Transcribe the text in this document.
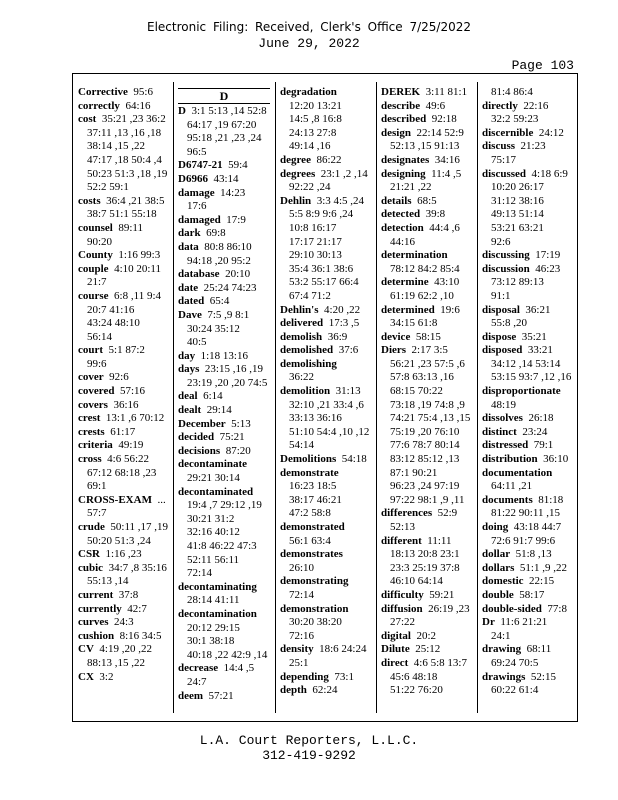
Electronic Filing: Received, Clerk's Office 7/25/2022
June 29, 2022
Page 103
Corrective 95:6
correctly 64:16
cost 35:21 ,23 36:2
37:11 ,13 ,16 ,18
38:14 ,15 ,22
47:17 ,18 50:4 ,4
50:23 51:3 ,18 ,19
52:2 59:1
costs 36:4 ,21 38:5
38:7 51:1 55:18
counsel 89:11
90:20
County 1:16 99:3
couple 4:10 20:11
21:7
course 6:8 ,11 9:4
20:7 41:16
43:24 48:10
56:14
court 5:1 87:2
99:6
cover 92:6
covered 57:16
covers 36:16
crest 13:1 ,6 70:12
crests 61:17
criteria 49:19
cross 4:6 56:22
67:12 68:18 ,23
69:1
CROSS-EXAM ...
57:7
crude 50:11 ,17 ,19
50:20 51:3 ,24
CSR 1:16 ,23
cubic 34:7 ,8 35:16
55:13 ,14
current 37:8
currently 42:7
curves 24:3
cushion 8:16 34:5
CV 4:19 ,20 ,22
88:13 ,15 ,22
CX 3:2
D
D 3:1 5:13 ,14 52:8
64:17 ,19 67:20
95:18 ,21 ,23 ,24
96:5
D6747-21 59:4
D6966 43:14
damage 14:23
17:6
damaged 17:9
dark 69:8
data 80:8 86:10
94:18 ,20 95:2
database 20:10
date 25:24 74:23
dated 65:4
Dave 7:5 ,9 8:1
30:24 35:12
40:5
day 1:18 13:16
days 23:15 ,16 ,19
23:19 ,20 ,20 74:5
deal 6:14
dealt 29:14
December 5:13
decided 75:21
decisions 87:20
decontaminate
29:21 30:14
decontaminated
19:4 ,7 29:12 ,19
30:21 31:2
32:16 40:12
41:8 46:22 47:3
52:11 56:11
72:14
decontaminating
28:14 41:11
decontamination
20:12 29:15
30:1 38:18
40:18 ,22 42:9 ,14
decrease 14:4 ,5
24:7
deem 57:21
degradation
12:20 13:21
14:5 ,8 16:8
24:13 27:8
49:14 ,16
degree 86:22
degrees 23:1 ,2 ,14
92:22 ,24
Dehlin 3:3 4:5 ,24
5:5 8:9 9:6 ,24
10:8 16:17
17:17 21:17
29:10 30:13
35:4 36:1 38:6
53:2 55:17 66:4
67:4 71:2
Dehlin's 4:20 ,22
delivered 17:3 ,5
demolish 36:9
demolished 37:6
demolishing
36:22
demolition 31:13
32:10 ,21 33:4 ,6
33:13 36:16
51:10 54:4 ,10 ,12
54:14
Demolitions 54:18
demonstrate
16:23 18:5
38:17 46:21
47:2 58:8
demonstrated
56:1 63:4
demonstrates
26:10
demonstrating
72:14
demonstration
30:20 38:20
72:16
density 18:6 24:24
25:1
depending 73:1
depth 62:24
DEREK 3:11 81:1
describe 49:6
described 92:18
design 22:14 52:9
52:13 ,15 91:13
designates 34:16
designing 11:4 ,5
21:21 ,22
details 68:5
detected 39:8
detection 44:4 ,6
44:16
determination
78:12 84:2 85:4
determine 43:10
61:19 62:2 ,10
determined 19:6
34:15 61:8
device 58:15
Diers 2:17 3:5
56:21 ,23 57:5 ,6
57:8 63:13 ,16
68:15 70:22
73:18 ,19 74:8 ,9
74:21 75:4 ,13 ,15
75:19 ,20 76:10
77:6 78:7 80:14
83:12 85:12 ,13
87:1 90:21
96:23 ,24 97:19
97:22 98:1 ,9 ,11
differences 52:9
52:13
different 11:11
18:13 20:8 23:1
23:3 25:19 37:8
46:10 64:14
difficulty 59:21
diffusion 26:19 ,23
27:22
digital 20:2
Dilute 25:12
direct 4:6 5:8 13:7
45:6 48:18
51:22 76:20
81:4 86:4
directly 22:16
32:2 59:23
discernible 24:12
discuss 21:23
75:17
discussed 4:18 6:9
10:20 26:17
31:12 38:16
49:13 51:14
53:21 63:21
92:6
discussing 17:19
discussion 46:23
73:12 89:13
91:1
disposal 36:21
55:8 ,20
dispose 35:21
disposed 33:21
34:12 ,14 53:14
53:15 93:7 ,12 ,16
disproportionate
48:19
dissolves 26:18
distinct 23:24
distressed 79:1
distribution 36:10
documentation
64:11 ,21
documents 81:18
81:22 90:11 ,15
doing 43:18 44:7
72:6 91:7 99:6
dollar 51:8 ,13
dollars 51:1 ,9 ,22
domestic 22:15
double 58:17
double-sided 77:8
Dr 11:6 21:21
24:1
drawing 68:11
69:24 70:5
drawings 52:15
60:22 61:4
L.A. Court Reporters, L.L.C.
312-419-9292
